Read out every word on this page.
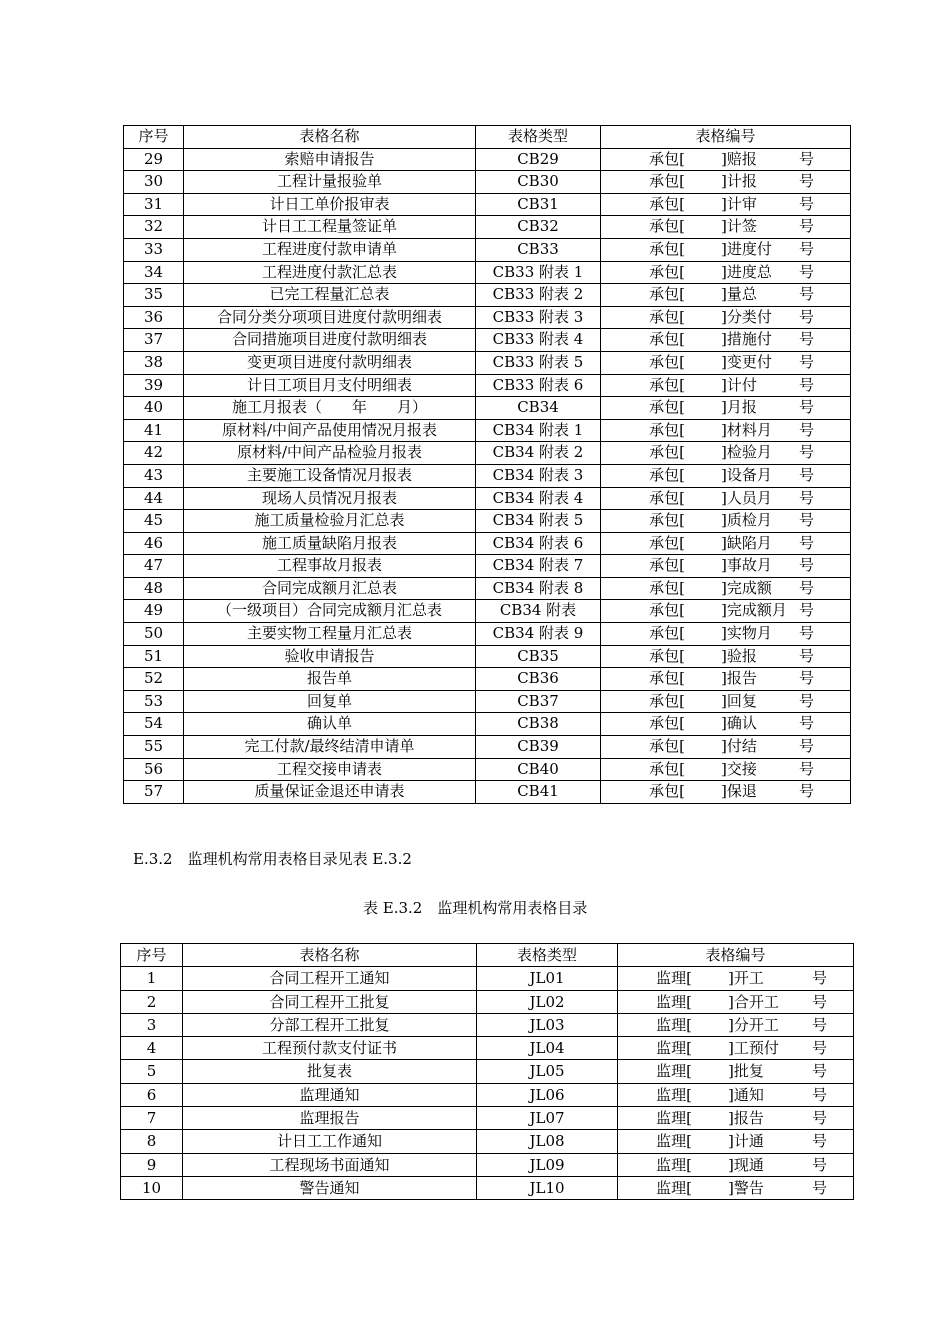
序号	表格名称	表格类型	表格编号
29	索赔申请报告	CB29	承包[ ]赔报 号
30	工程计量报验单	CB30	承包[ ]计报 号
31	计日工单价报审表	CB31	承包[ ]计审 号
32	计日工工程量签证单	CB32	承包[ ]计签 号
33	工程进度付款申请单	CB33	承包[ ]进度付 号
34	工程进度付款汇总表	CB33 附表 1	承包[ ]进度总 号
35	已完工程量汇总表	CB33 附表 2	承包[ ]量总 号
36	合同分类分项项目进度付款明细表	CB33 附表 3	承包[ ]分类付 号
37	合同措施项目进度付款明细表	CB33 附表 4	承包[ ]措施付 号
38	变更项目进度付款明细表	CB33 附表 5	承包[ ]变更付 号
39	计日工项目月支付明细表	CB33 附表 6	承包[ ]计付 号
40	施工月报表（　　年　　月）	CB34	承包[ ]月报 号
41	原材料/中间产品使用情况月报表	CB34 附表 1	承包[ ]材料月 号
42	原材料/中间产品检验月报表	CB34 附表 2	承包[ ]检验月 号
43	主要施工设备情况月报表	CB34 附表 3	承包[ ]设备月 号
44	现场人员情况月报表	CB34 附表 4	承包[ ]人员月 号
45	施工质量检验月汇总表	CB34 附表 5	承包[ ]质检月 号
46	施工质量缺陷月报表	CB34 附表 6	承包[ ]缺陷月 号
47	工程事故月报表	CB34 附表 7	承包[ ]事故月 号
48	合同完成额月汇总表	CB34 附表 8	承包[ ]完成额 号
49	（一级项目）合同完成额月汇总表	CB34 附表	承包[ ]完成额月 号
50	主要实物工程量月汇总表	CB34 附表 9	承包[ ]实物月 号
51	验收申请报告	CB35	承包[ ]验报 号
52	报告单	CB36	承包[ ]报告 号
53	回复单	CB37	承包[ ]回复 号
54	确认单	CB38	承包[ ]确认 号
55	完工付款/最终结清申请单	CB39	承包[ ]付结 号
56	工程交接申请表	CB40	承包[ ]交接 号
57	质量保证金退还申请表	CB41	承包[ ]保退 号
E.3.2　监理机构常用表格目录见表 E.3.2
表 E.3.2　监理机构常用表格目录
序号	表格名称	表格类型	表格编号
1	合同工程开工通知	JL01	监理[ ]开工 号
2	合同工程开工批复	JL02	监理[ ]合开工 号
3	分部工程开工批复	JL03	监理[ ]分开工 号
4	工程预付款支付证书	JL04	监理[ ]工预付 号
5	批复表	JL05	监理[ ]批复 号
6	监理通知	JL06	监理[ ]通知 号
7	监理报告	JL07	监理[ ]报告 号
8	计日工工作通知	JL08	监理[ ]计通 号
9	工程现场书面通知	JL09	监理[ ]现通 号
10	警告通知	JL10	监理[ ]警告 号
